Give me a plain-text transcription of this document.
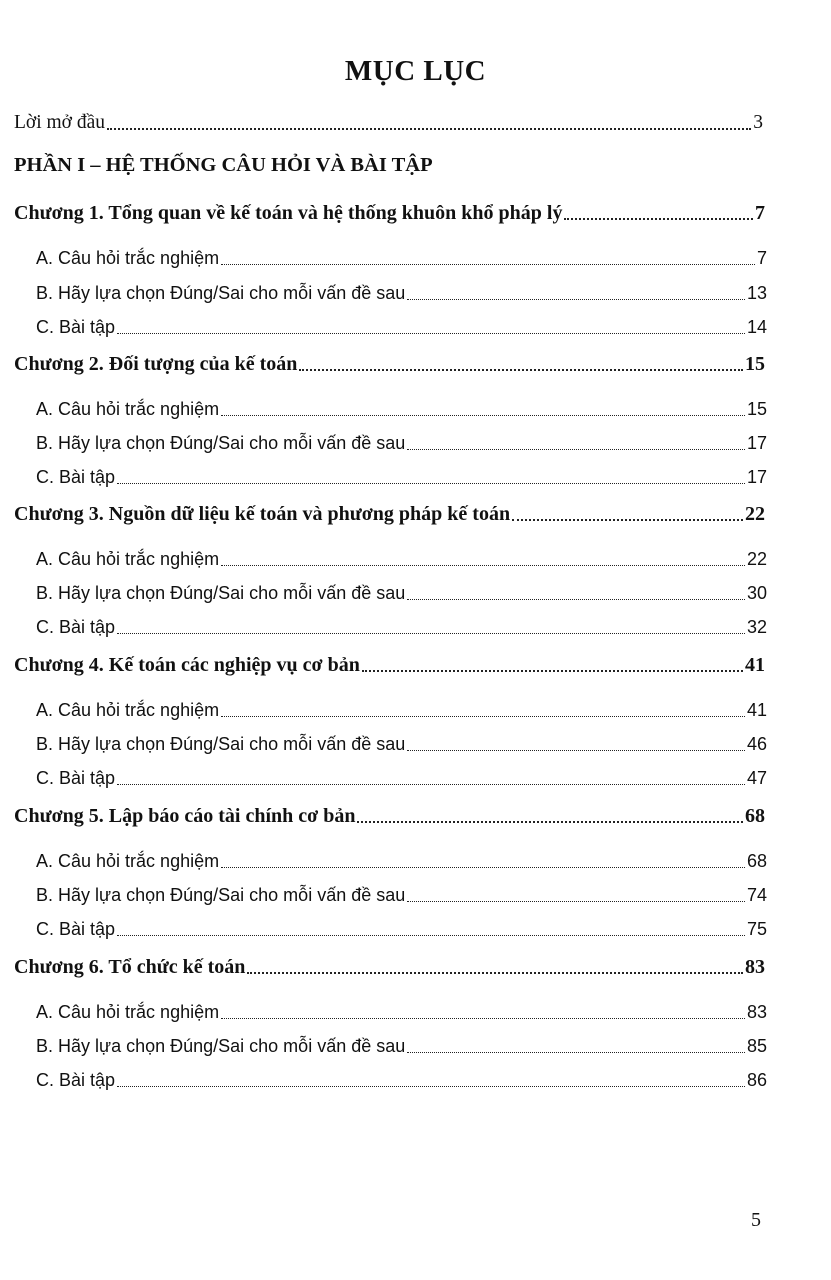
MỤC LỤC
Lời mở đầu	3
PHẦN I – HỆ THỐNG CÂU HỎI VÀ BÀI TẬP
Chương 1. Tổng quan về kế toán và hệ thống khuôn khổ pháp lý	7
A. Câu hỏi trắc nghiệm	7
B. Hãy lựa chọn Đúng/Sai cho mỗi vấn đề sau	13
C. Bài tập	14
Chương 2. Đối tượng của kế toán	15
A. Câu hỏi trắc nghiệm	15
B. Hãy lựa chọn Đúng/Sai cho mỗi vấn đề sau	17
C. Bài tập	17
Chương 3. Nguồn dữ liệu kế toán và phương pháp kế toán	22
A. Câu hỏi trắc nghiệm	22
B. Hãy lựa chọn Đúng/Sai cho mỗi vấn đề sau	30
C. Bài tập	32
Chương 4. Kế toán các nghiệp vụ cơ bản	41
A. Câu hỏi trắc nghiệm	41
B. Hãy lựa chọn Đúng/Sai cho mỗi vấn đề sau	46
C. Bài tập	47
Chương 5. Lập báo cáo tài chính cơ bản	68
A. Câu hỏi trắc nghiệm	68
B. Hãy lựa chọn Đúng/Sai cho mỗi vấn đề sau	74
C. Bài tập	75
Chương 6. Tổ chức kế toán	83
A. Câu hỏi trắc nghiệm	83
B. Hãy lựa chọn Đúng/Sai cho mỗi vấn đề sau	85
C. Bài tập	86
5
